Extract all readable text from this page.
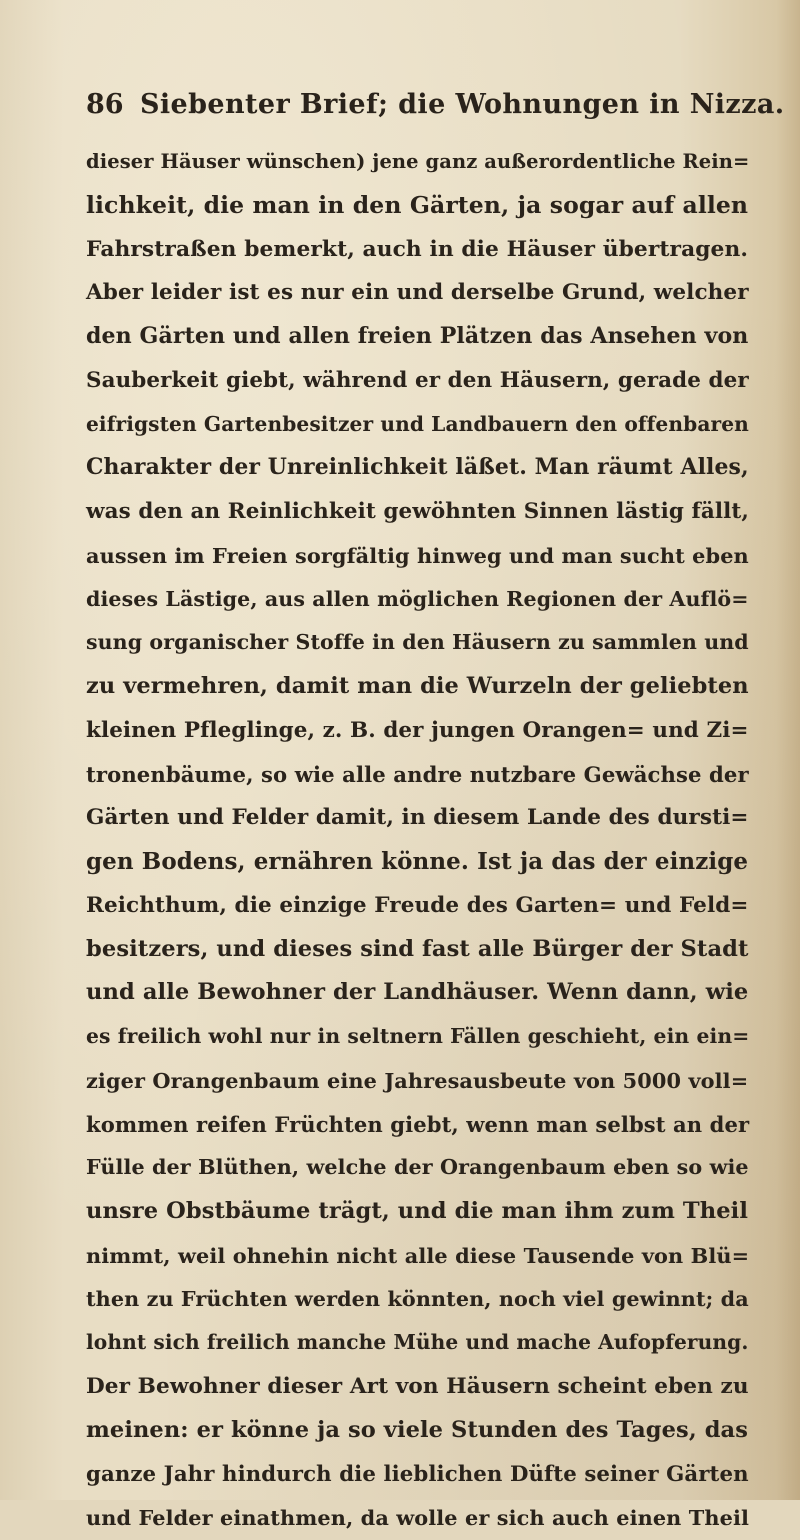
86 Siebenter Brief; die Wohnungen in Nizza.
dieser Häuser wünschen) jene ganz außerordentliche Rein=
lichkeit, die man in den Gärten, ja sogar auf allen
Fahrstraßen bemerkt, auch in die Häuser übertragen.
Aber leider ist es nur ein und derselbe Grund, welcher
den Gärten und allen freien Plätzen das Ansehen von
Sauberkeit giebt, während er den Häusern, gerade der
eifrigsten Gartenbesitzer und Landbauern den offenbaren
Charakter der Unreinlichkeit läßet. Man räumt Alles,
was den an Reinlichkeit gewöhnten Sinnen lästig fällt,
aussen im Freien sorgfältig hinweg und man sucht eben
dieses Lästige, aus allen möglichen Regionen der Auflö=
sung organischer Stoffe in den Häusern zu sammlen und
zu vermehren, damit man die Wurzeln der geliebten
kleinen Pfleglinge, z. B. der jungen Orangen= und Zi=
tronenbäume, so wie alle andre nutzbare Gewächse der
Gärten und Felder damit, in diesem Lande des dursti=
gen Bodens, ernähren könne. Ist ja das der einzige
Reichthum, die einzige Freude des Garten= und Feld=
besitzers, und dieses sind fast alle Bürger der Stadt
und alle Bewohner der Landhäuser. Wenn dann, wie
es freilich wohl nur in seltnern Fällen geschieht, ein ein=
ziger Orangenbaum eine Jahresausbeute von 5000 voll=
kommen reifen Früchten giebt, wenn man selbst an der
Fülle der Blüthen, welche der Orangenbaum eben so wie
unsre Obstbäume trägt, und die man ihm zum Theil
nimmt, weil ohnehin nicht alle diese Tausende von Blü=
then zu Früchten werden könnten, noch viel gewinnt; da
lohnt sich freilich manche Mühe und mache Aufopferung.
Der Bewohner dieser Art von Häusern scheint eben zu
meinen: er könne ja so viele Stunden des Tages, das
ganze Jahr hindurch die lieblichen Düfte seiner Gärten
und Felder einathmen, da wolle er sich auch einen Theil
